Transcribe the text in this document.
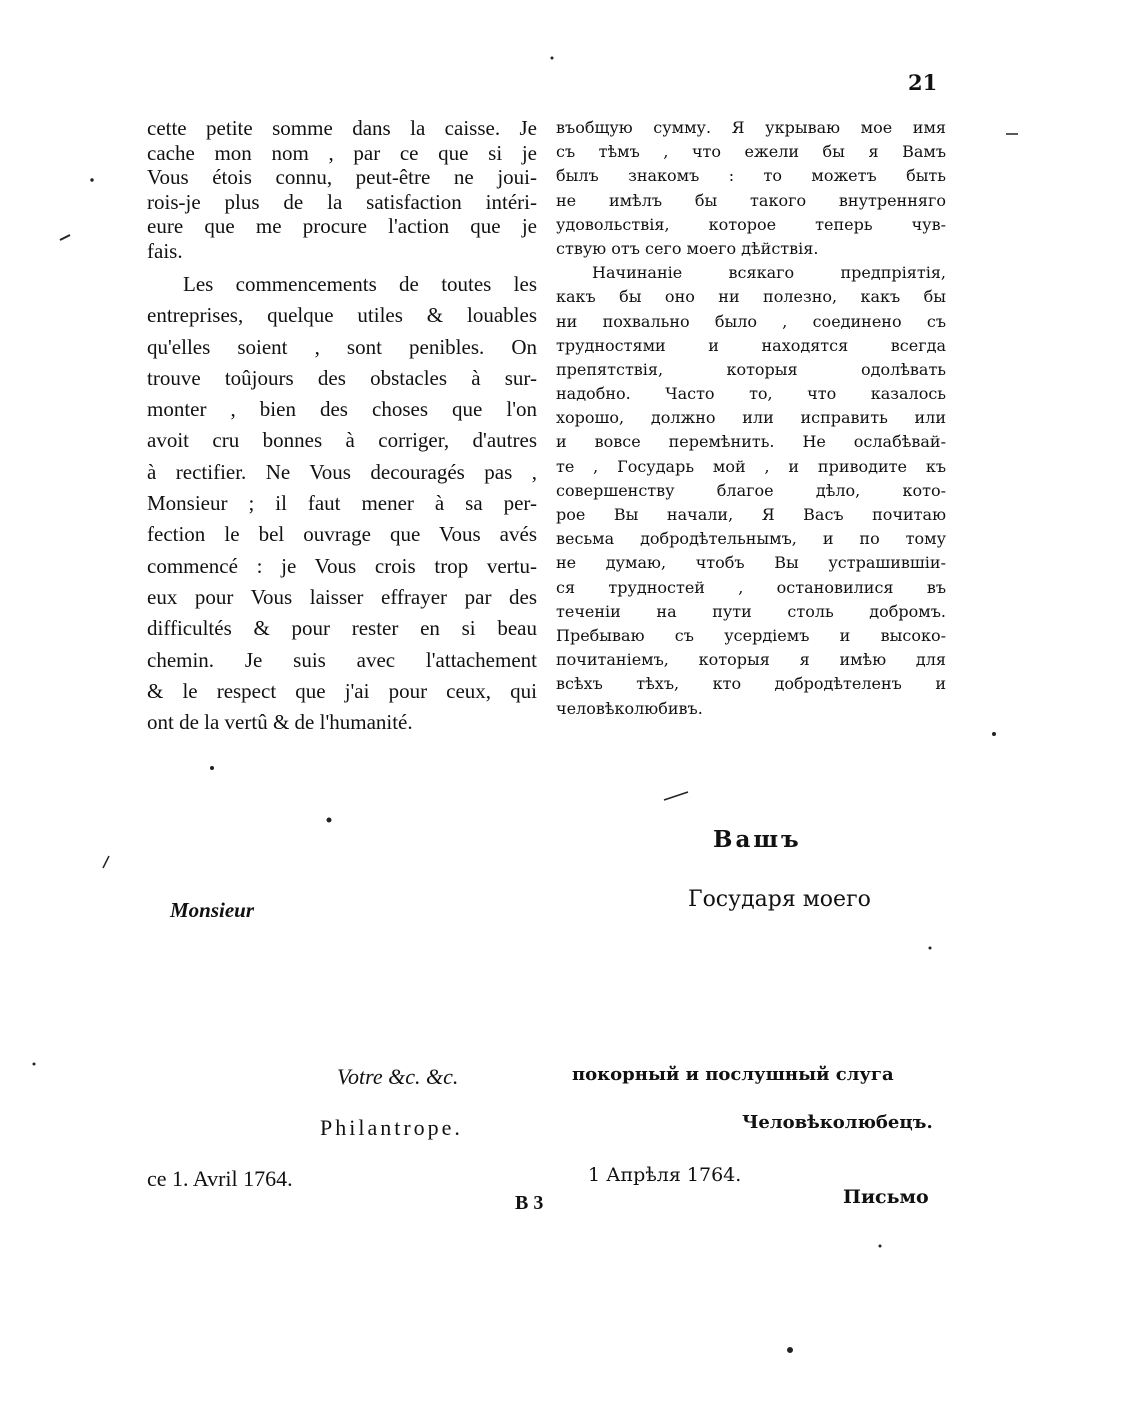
21
cette petite somme dans la caisse. Je
cache mon nom , par ce que si je
Vous étois connu, peut-être ne joui-
rois-je plus de la satisfaction intéri-
eure que me procure l'action que je
fais.
Les commencements de toutes les
entreprises, quelque utiles & louables
qu'elles soient , sont penibles. On
trouve toûjours des obstacles à sur-
monter , bien des choses que l'on
avoit cru bonnes à corriger, d'autres
à rectifier. Ne Vous decouragés pas ,
Monsieur ; il faut mener à sa per-
fection le bel ouvrage que Vous avés
commencé : je Vous crois trop vertu-
eux pour Vous laisser effrayer par des
difficultés & pour rester en si beau
chemin. Je suis avec l'attachement
& le respect que j'ai pour ceux, qui
ont de la vertû & de l'humanité.
въобщую сумму. Я укрываю мое имя
съ тѣмъ , что ежели бы я Вамъ
былъ знакомъ : то можетъ быть
не имѣлъ бы такого внутренняго
удовольствія, которое теперь чув-
ствую отъ сего моего дѣйствія.
Начинаніе всякаго предпріятія,
какъ бы оно ни полезно, какъ бы
ни похвально было , соединено съ
трудностями и находятся всегда
препятствія, которыя одолѣвать
надобно. Часто то, что казалось
хорошо, должно или исправить или
и вовсе перемѣнить. Не ослабѣвай-
те , Государь мой , и приводите къ
совершенству благое дѣло, кото-
рое Вы начали, Я Васъ почитаю
весьма добродѣтельнымъ, и по тому
не думаю, чтобъ Вы устрашившіи-
ся трудностей , остановилися въ
теченіи на пути столь добромъ.
Пребываю съ усердіемъ и высоко-
почитаніемъ, которыя я имѣю для
всѣхъ тѣхъ, кто добродѣтеленъ и
человѣколюбивъ.
Вашъ
Государя моего
Monsieur
Votre &c. &c.	покорный и послушный слуга
Philantrope.	Человѣколюбецъ.
ce 1. Avril 1764.	1 Апрѣля 1764.
B 3	Письмо
